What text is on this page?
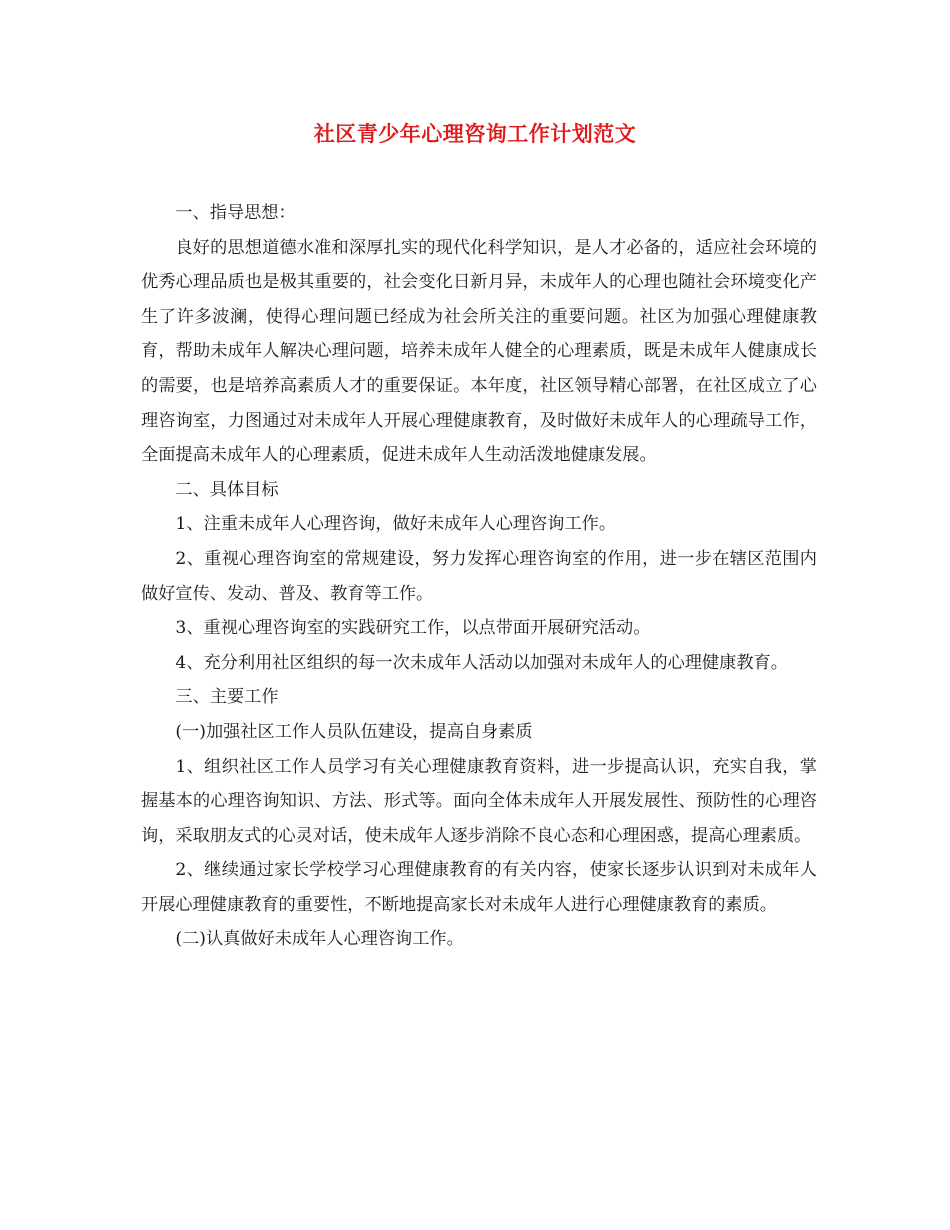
社区青少年心理咨询工作计划范文

一、指导思想：

良好的思想道德水准和深厚扎实的现代化科学知识，是人才必备的，适应社会环境的优秀心理品质也是极其重要的，社会变化日新月异，未成年人的心理也随社会环境变化产生了许多波澜，使得心理问题已经成为社会所关注的重要问题。社区为加强心理健康教育，帮助未成年人解决心理问题，培养未成年人健全的心理素质，既是未成年人健康成长的需要，也是培养高素质人才的重要保证。本年度，社区领导精心部署，在社区成立了心理咨询室，力图通过对未成年人开展心理健康教育，及时做好未成年人的心理疏导工作，全面提高未成年人的心理素质，促进未成年人生动活泼地健康发展。

二、具体目标

1、注重未成年人心理咨询，做好未成年人心理咨询工作。

2、重视心理咨询室的常规建设，努力发挥心理咨询室的作用，进一步在辖区范围内做好宣传、发动、普及、教育等工作。

3、重视心理咨询室的实践研究工作，以点带面开展研究活动。

4、充分利用社区组织的每一次未成年人活动以加强对未成年人的心理健康教育。

三、主要工作

(一)加强社区工作人员队伍建设，提高自身素质

1、组织社区工作人员学习有关心理健康教育资料，进一步提高认识，充实自我，掌握基本的心理咨询知识、方法、形式等。面向全体未成年人开展发展性、预防性的心理咨询，采取朋友式的心灵对话，使未成年人逐步消除不良心态和心理困惑，提高心理素质。

2、继续通过家长学校学习心理健康教育的有关内容，使家长逐步认识到对未成年人开展心理健康教育的重要性，不断地提高家长对未成年人进行心理健康教育的素质。

(二)认真做好未成年人心理咨询工作。
